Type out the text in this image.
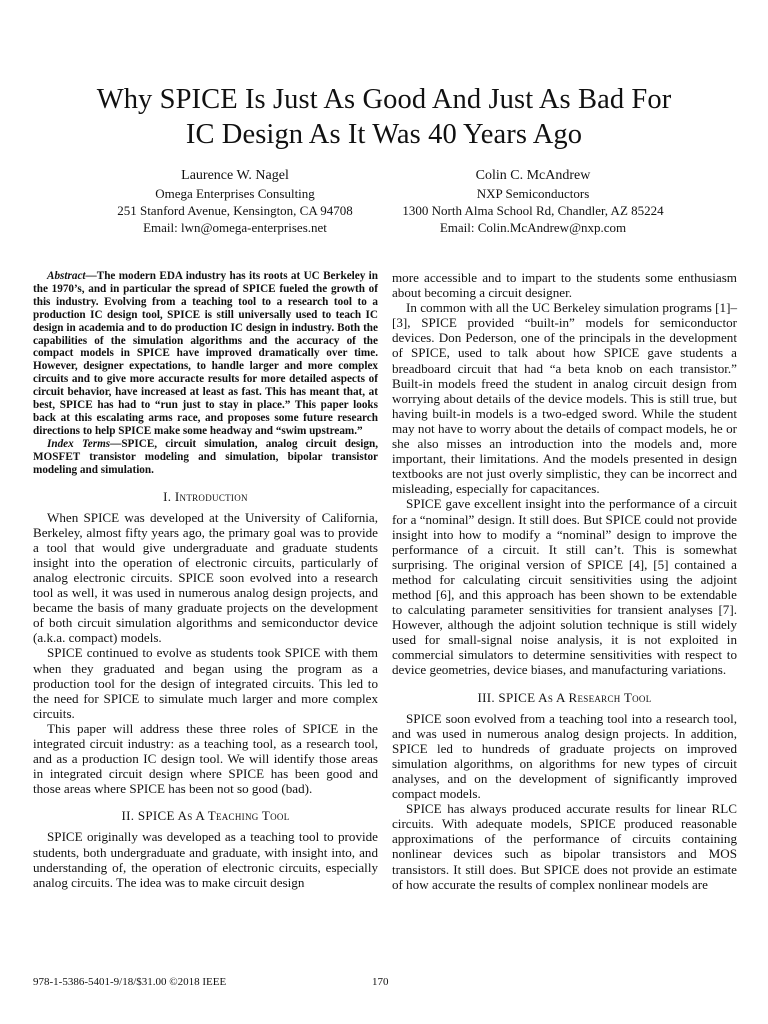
Why SPICE Is Just As Good And Just As Bad For
IC Design As It Was 40 Years Ago
Laurence W. Nagel
Omega Enterprises Consulting
251 Stanford Avenue, Kensington, CA 94708
Email: lwn@omega-enterprises.net
Colin C. McAndrew
NXP Semiconductors
1300 North Alma School Rd, Chandler, AZ 85224
Email: Colin.McAndrew@nxp.com

Abstract—The modern EDA industry has its roots at UC Berkeley in the 1970’s, and in particular the spread of SPICE fueled the growth of this industry. Evolving from a teaching tool to a research tool to a production IC design tool, SPICE is still universally used to teach IC design in academia and to do production IC design in industry. Both the capabilities of the simulation algorithms and the accuracy of the compact models in SPICE have improved dramatically over time. However, designer expectations, to handle larger and more complex circuits and to give more accuracte results for more detailed aspects of circuit behavior, have increased at least as fast. This has meant that, at best, SPICE has had to “run just to stay in place.” This paper looks back at this escalating arms race, and proposes some future research directions to help SPICE make some headway and “swim upstream.”

Index Terms—SPICE, circuit simulation, analog circuit design, MOSFET transistor modeling and simulation, bipolar transistor modeling and simulation.

I. Introduction

When SPICE was developed at the University of California, Berkeley, almost fifty years ago, the primary goal was to provide a tool that would give undergraduate and graduate students insight into the operation of electronic circuits, particularly of analog electronic circuits. SPICE soon evolved into a research tool as well, it was used in numerous analog design projects, and became the basis of many graduate projects on the development of both circuit simulation algorithms and semiconductor device (a.k.a. compact) models.

SPICE continued to evolve as students took SPICE with them when they graduated and began using the program as a production tool for the design of integrated circuits. This led to the need for SPICE to simulate much larger and more complex circuits.

This paper will address these three roles of SPICE in the integrated circuit industry: as a teaching tool, as a research tool, and as a production IC design tool. We will identify those areas in integrated circuit design where SPICE has been good and those areas where SPICE has been not so good (bad).

II. SPICE As A Teaching Tool

SPICE originally was developed as a teaching tool to provide students, both undergraduate and graduate, with insight into, and understanding of, the operation of electronic circuits, especially analog circuits. The idea was to make circuit design

more accessible and to impart to the students some enthusiasm about becoming a circuit designer.

In common with all the UC Berkeley simulation programs [1]–[3], SPICE provided “built-in” models for semiconductor devices. Don Pederson, one of the principals in the development of SPICE, used to talk about how SPICE gave students a breadboard circuit that had “a beta knob on each transistor.” Built-in models freed the student in analog circuit design from worrying about details of the device models. This is still true, but having built-in models is a two-edged sword. While the student may not have to worry about the details of compact models, he or she also misses an introduction into the models and, more important, their limitations. And the models presented in design textbooks are not just overly simplistic, they can be incorrect and misleading, especially for capacitances.

SPICE gave excellent insight into the performance of a circuit for a “nominal” design. It still does. But SPICE could not provide insight into how to modify a “nominal” design to improve the performance of a circuit. It still can’t. This is somewhat surprising. The original version of SPICE [4], [5] contained a method for calculating circuit sensitivities using the adjoint method [6], and this approach has been shown to be extendable to calculating parameter sensitivities for transient analyses [7]. However, although the adjoint solution technique is still widely used for small-signal noise analysis, it is not exploited in commercial simulators to determine sensitivities with respect to device geometries, device biases, and manufacturing variations.

III. SPICE As A Research Tool

SPICE soon evolved from a teaching tool into a research tool, and was used in numerous analog design projects. In addition, SPICE led to hundreds of graduate projects on improved simulation algorithms, on algorithms for new types of circuit analyses, and on the development of significantly improved compact models.

SPICE has always produced accurate results for linear RLC circuits. With adequate models, SPICE produced reasonable approximations of the performance of circuits containing nonlinear devices such as bipolar transistors and MOS transistors. It still does. But SPICE does not provide an estimate of how accurate the results of complex nonlinear models are

978-1-5386-5401-9/18/$31.00 ©2018 IEEE	170
